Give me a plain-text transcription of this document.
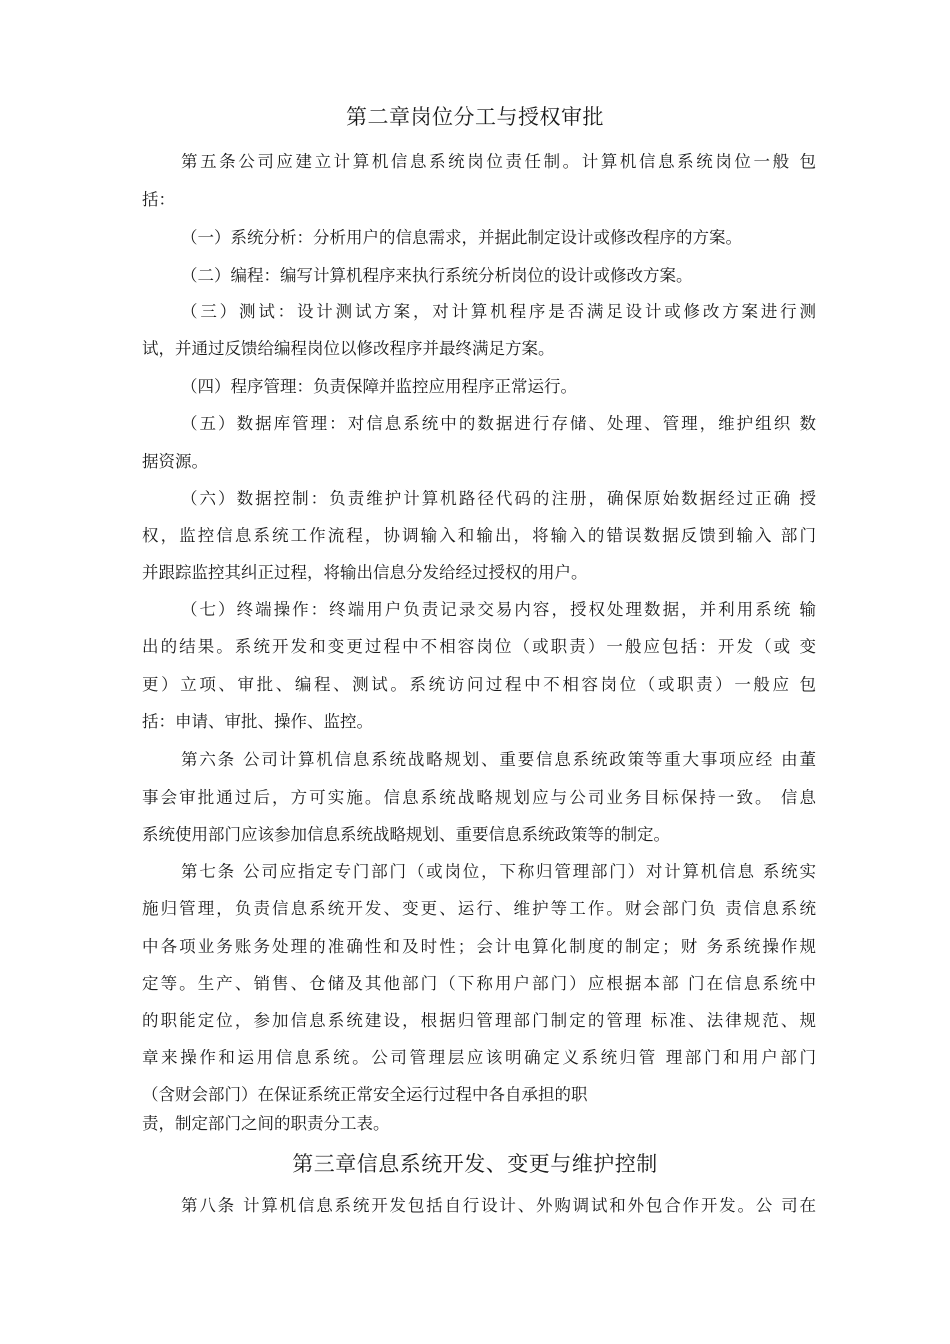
第二章岗位分工与授权审批
第五条公司应建立计算机信息系统岗位责任制。计算机信息系统岗位一般 包
括：
（一）系统分析：分析用户的信息需求，并据此制定设计或修改程序的方案。
（二）编程：编写计算机程序来执行系统分析岗位的设计或修改方案。
（三）测试：设计测试方案，对计算机程序是否满足设计或修改方案进行测
试，并通过反馈给编程岗位以修改程序并最终满足方案。
（四）程序管理：负责保障并监控应用程序正常运行。
（五）数据库管理：对信息系统中的数据进行存储、处理、管理，维护组织 数
据资源。
（六）数据控制：负责维护计算机路径代码的注册，确保原始数据经过正确 授
权，监控信息系统工作流程，协调输入和输出，将输入的错误数据反馈到输入 部门
并跟踪监控其纠正过程，将输出信息分发给经过授权的用户。
（七）终端操作：终端用户负责记录交易内容，授权处理数据，并利用系统 输
出的结果。系统开发和变更过程中不相容岗位（或职责）一般应包括：开发（或 变
更）立项、审批、编程、测试。系统访问过程中不相容岗位（或职责）一般应 包
括：申请、审批、操作、监控。
第六条 公司计算机信息系统战略规划、重要信息系统政策等重大事项应经 由董
事会审批通过后，方可实施。信息系统战略规划应与公司业务目标保持一致。 信息
系统使用部门应该参加信息系统战略规划、重要信息系统政策等的制定。
第七条 公司应指定专门部门（或岗位，下称归管理部门）对计算机信息 系统实
施归管理，负责信息系统开发、变更、运行、维护等工作。财会部门负 责信息系统
中各项业务账务处理的准确性和及时性；会计电算化制度的制定；财 务系统操作规
定等。生产、销售、仓储及其他部门（下称用户部门）应根据本部 门在信息系统中
的职能定位，参加信息系统建设，根据归管理部门制定的管理 标准、法律规范、规
章来操作和运用信息系统。公司管理层应该明确定义系统归管 理部门和用户部门
（含财会部门）在保证系统正常安全运行过程中各自承担的职
责，制定部门之间的职责分工表。
第三章信息系统开发、变更与维护控制
第八条 计算机信息系统开发包括自行设计、外购调试和外包合作开发。公 司在
